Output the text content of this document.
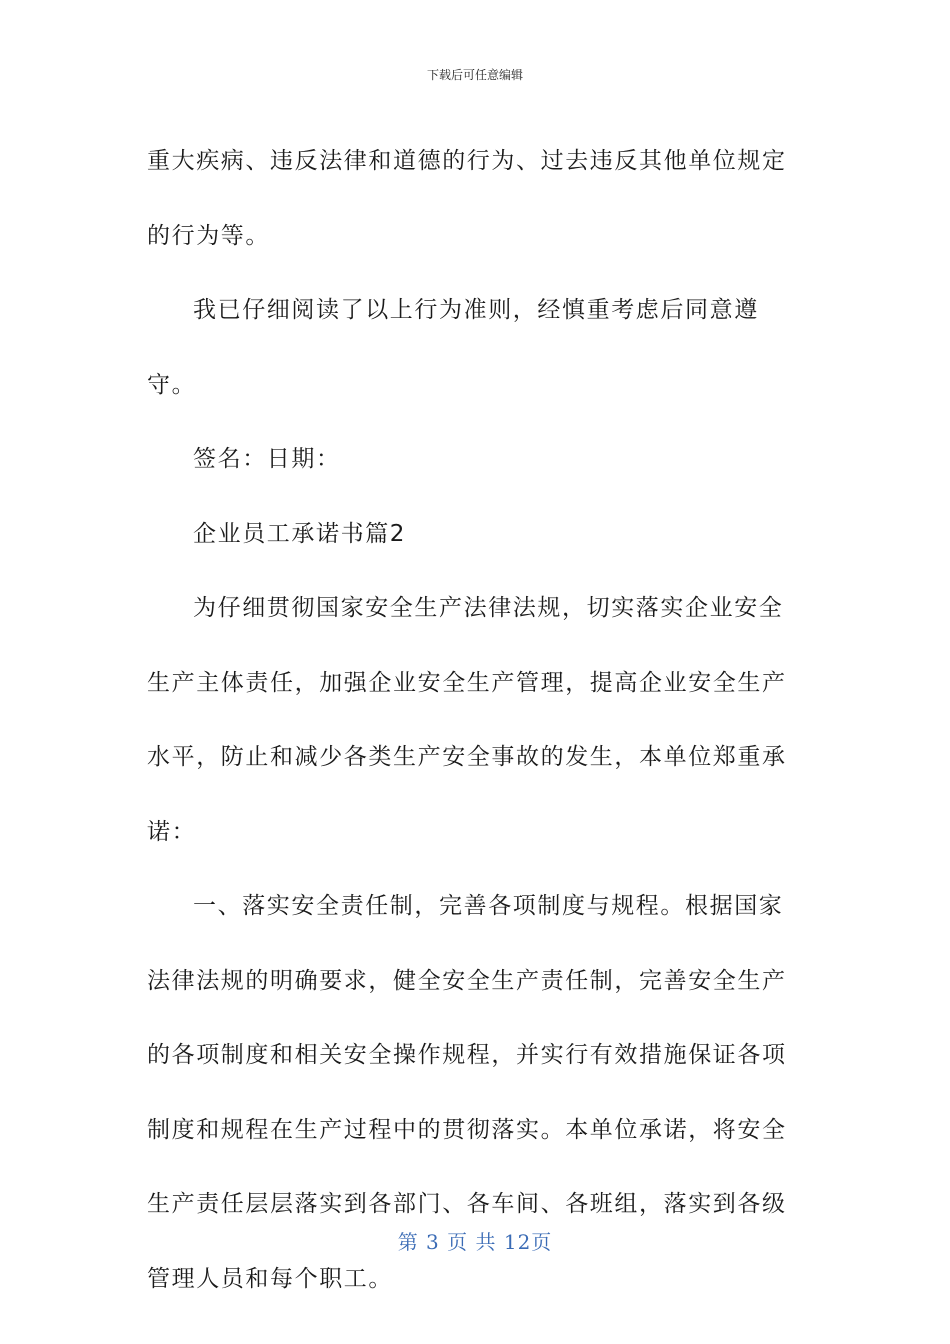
下载后可任意编辑

重大疾病、违反法律和道德的行为、过去违反其他单位规定的行为等。

我已仔细阅读了以上行为准则，经慎重考虑后同意遵守。

签名：日期：

企业员工承诺书篇2

为仔细贯彻国家安全生产法律法规，切实落实企业安全生产主体责任，加强企业安全生产管理，提高企业安全生产水平，防止和减少各类生产安全事故的发生，本单位郑重承诺：

一、落实安全责任制，完善各项制度与规程。根据国家法律法规的明确要求，健全安全生产责任制，完善安全生产的各项制度和相关安全操作规程，并实行有效措施保证各项制度和规程在生产过程中的贯彻落实。本单位承诺，将安全生产责任层层落实到各部门、各车间、各班组，落实到各级管理人员和每个职工。

第 3 页 共 12页
